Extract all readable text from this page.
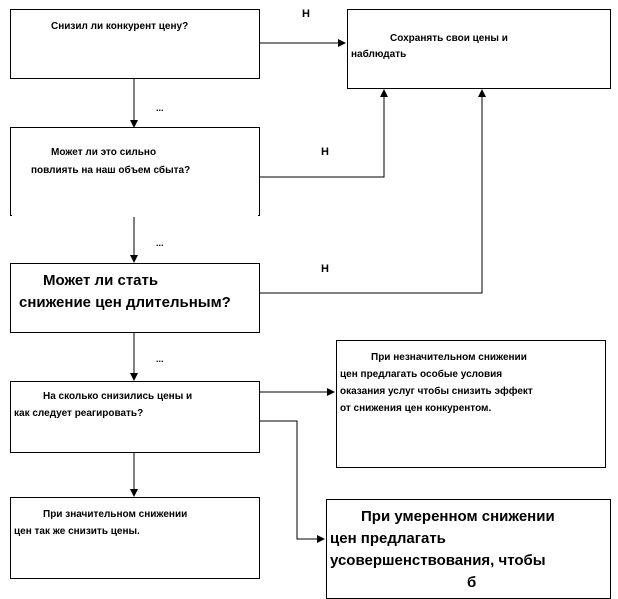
Снизил ли конкурент цену?
Сохранять свои цены и
наблюдать
Может ли это сильно
повлиять на наш объем сбыта?
Может ли стать
снижение цен длительным?
На сколько снизились цены и
как следует реагировать?
При незначительном снижении
цен предлагать особые условия
оказания услуг чтобы снизить эффект
от снижения цен конкурентом.
При значительном снижении
цен так же снизить цены.
При умеренном снижении
цен предлагать
усовершенствования, чтобы
б
Н
Н
Н
...
...
...
